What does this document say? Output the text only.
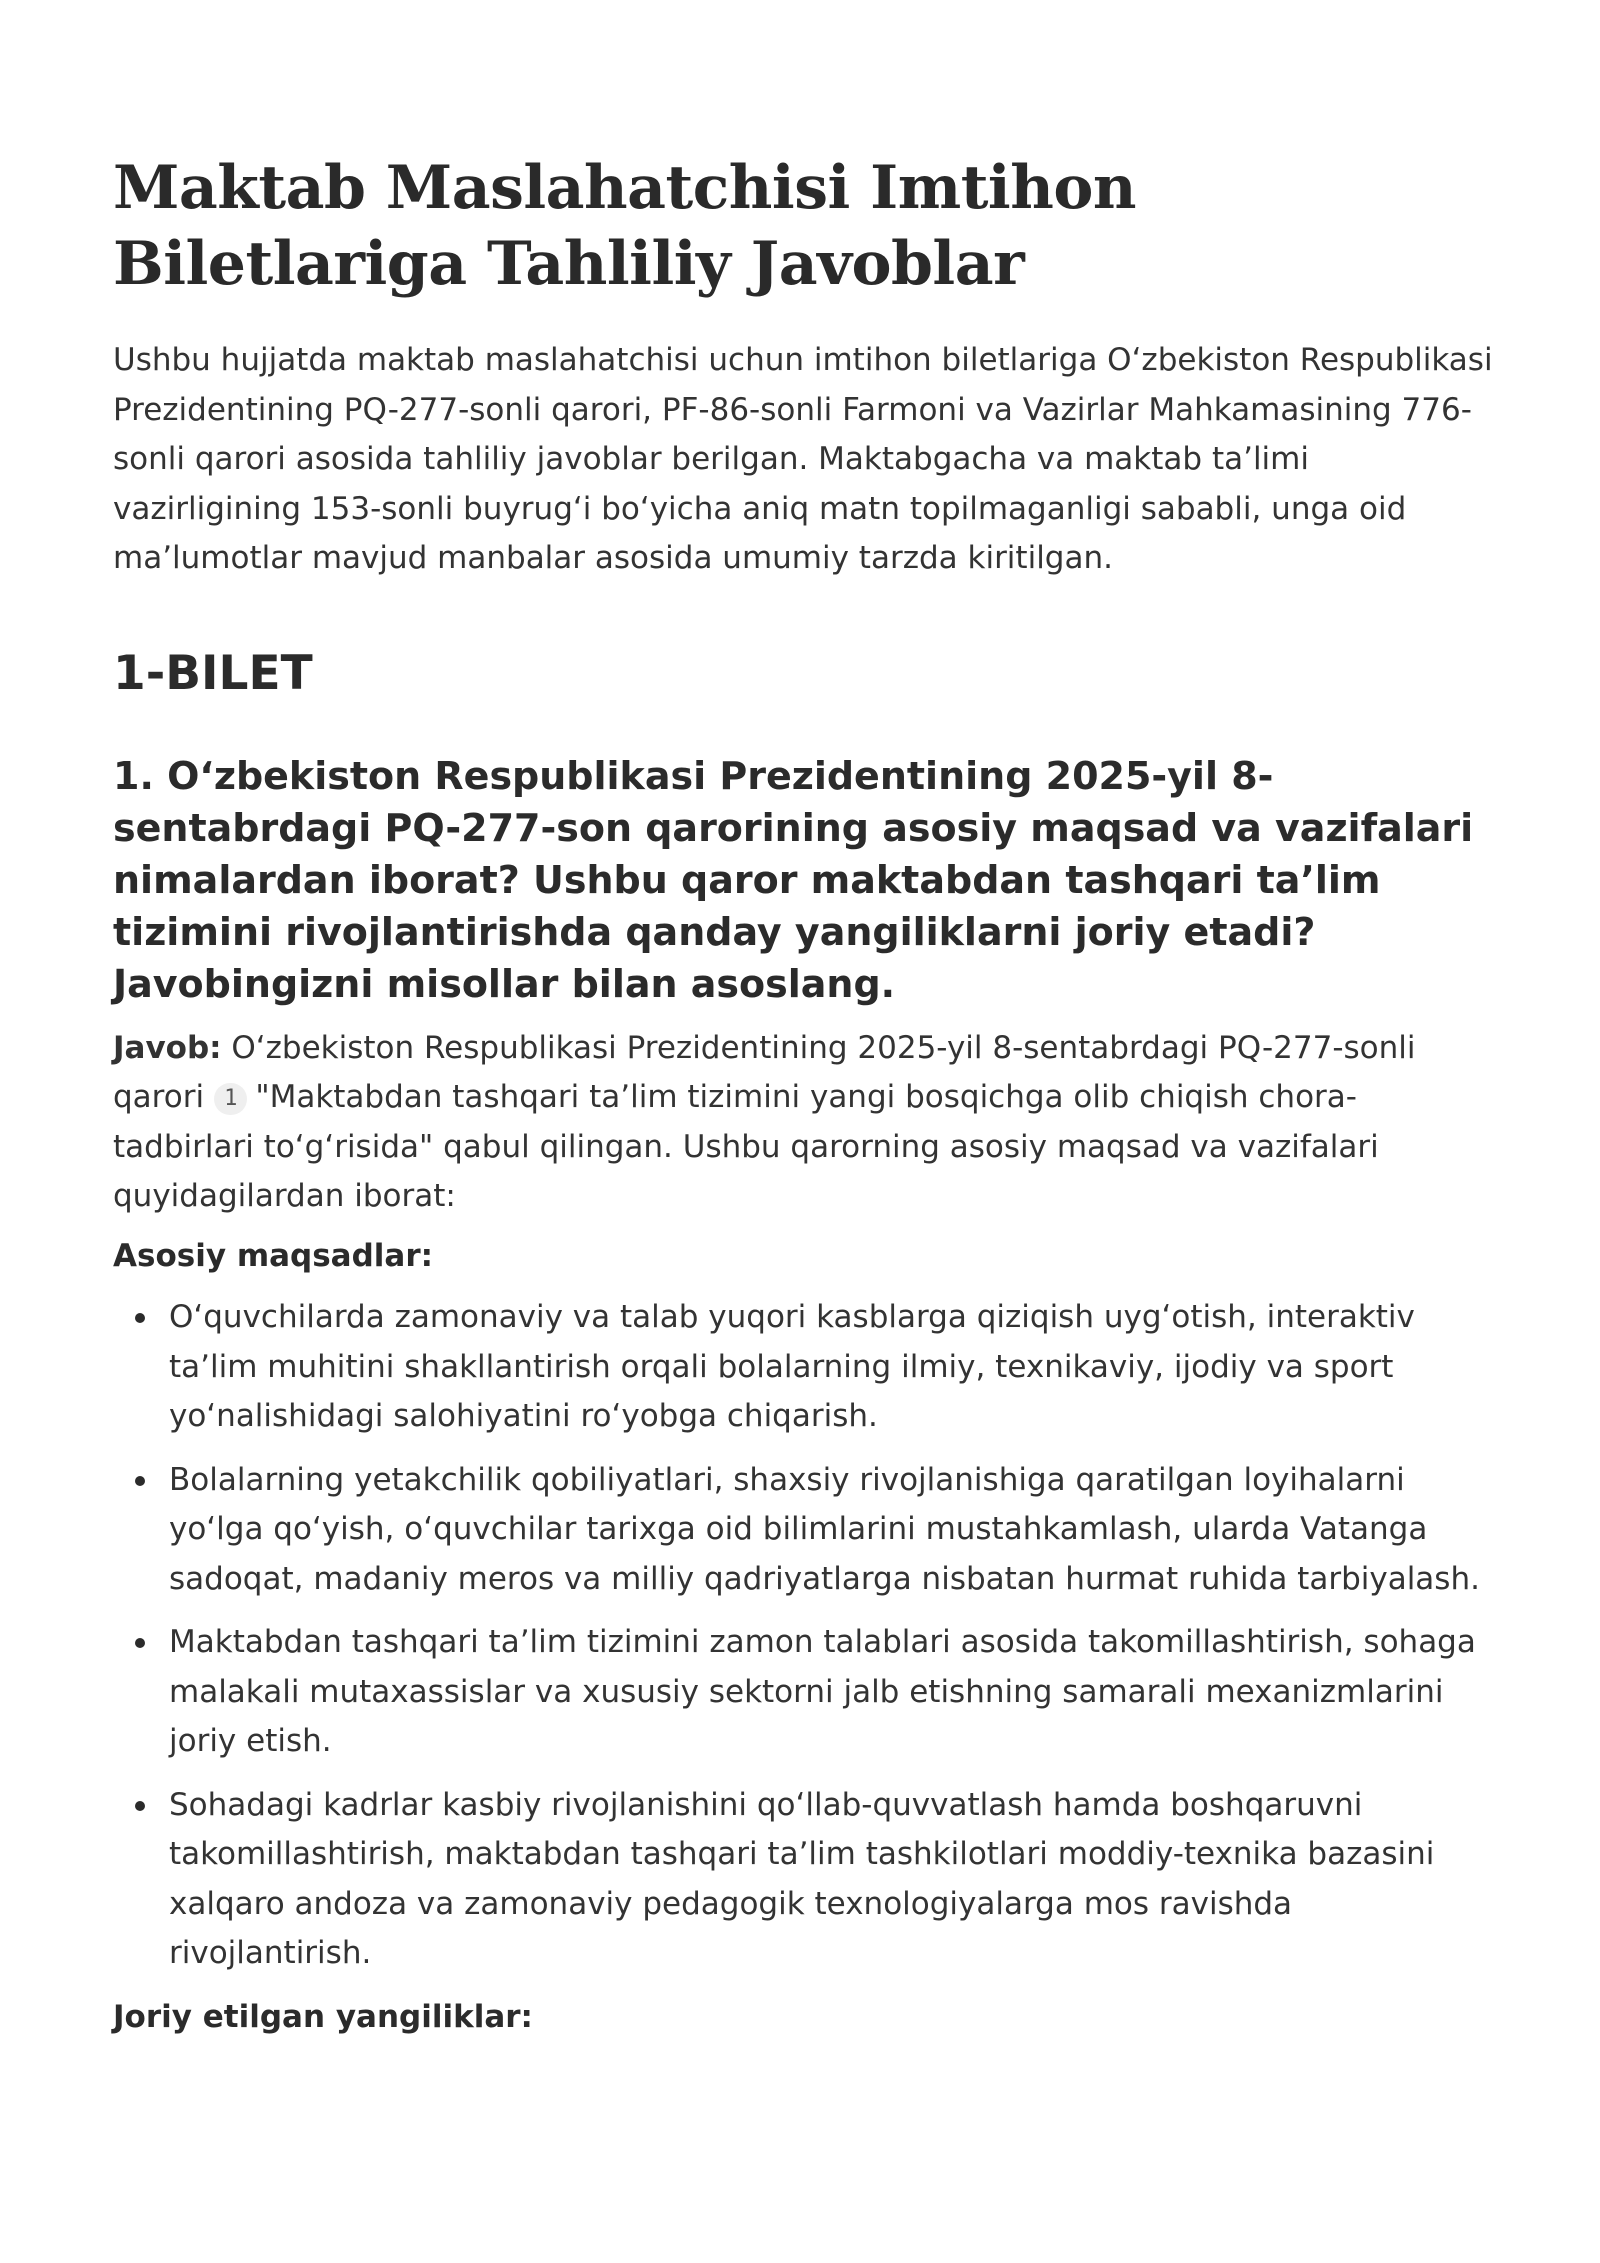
Maktab Maslahatchisi Imtihon Biletlariga Tahliliy Javoblar

Ushbu hujjatda maktab maslahatchisi uchun imtihon biletlariga O‘zbekiston Respublikasi Prezidentining PQ-277-sonli qarori, PF-86-sonli Farmoni va Vazirlar Mahkamasining 776-sonli qarori asosida tahliliy javoblar berilgan. Maktabgacha va maktab ta’limi vazirligining 153-sonli buyrug‘i bo‘yicha aniq matn topilmaganligi sababli, unga oid ma’lumotlar mavjud manbalar asosida umumiy tarzda kiritilgan.

1-BILET
1. O‘zbekiston Respublikasi Prezidentining 2025-yil 8-sentabrdagi PQ-277-son qarorining asosiy maqsad va vazifalari nimalardan iborat? Ushbu qaror maktabdan tashqari ta’lim tizimini rivojlantirishda qanday yangiliklarni joriy etadi? Javobingizni misollar bilan asoslang.

Javob: O‘zbekiston Respublikasi Prezidentining 2025-yil 8-sentabrdagi PQ-277-sonli qarori 1 "Maktabdan tashqari ta’lim tizimini yangi bosqichga olib chiqish chora-tadbirlari to‘g‘risida" qabul qilingan. Ushbu qarorning asosiy maqsad va vazifalari quyidagilardan iborat:

Asosiy maqsadlar:
O‘quvchilarda zamonaviy va talab yuqori kasblarga qiziqish uyg‘otish, interaktiv ta’lim muhitini shakllantirish orqali bolalarning ilmiy, texnikaviy, ijodiy va sport yo‘nalishidagi salohiyatini ro‘yobga chiqarish.
Bolalarning yetakchilik qobiliyatlari, shaxsiy rivojlanishiga qaratilgan loyihalarni yo‘lga qo‘yish, o‘quvchilar tarixga oid bilimlarini mustahkamlash, ularda Vatanga sadoqat, madaniy meros va milliy qadriyatlarga nisbatan hurmat ruhida tarbiyalash.
Maktabdan tashqari ta’lim tizimini zamon talablari asosida takomillashtirish, sohaga malakali mutaxassislar va xususiy sektorni jalb etishning samarali mexanizmlarini joriy etish.
Sohadagi kadrlar kasbiy rivojlanishini qo‘llab-quvvatlash hamda boshqaruvni takomillashtirish, maktabdan tashqari ta’lim tashkilotlari moddiy-texnika bazasini xalqaro andoza va zamonaviy pedagogik texnologiyalarga mos ravishda rivojlantirish.
Joriy etilgan yangiliklar:
